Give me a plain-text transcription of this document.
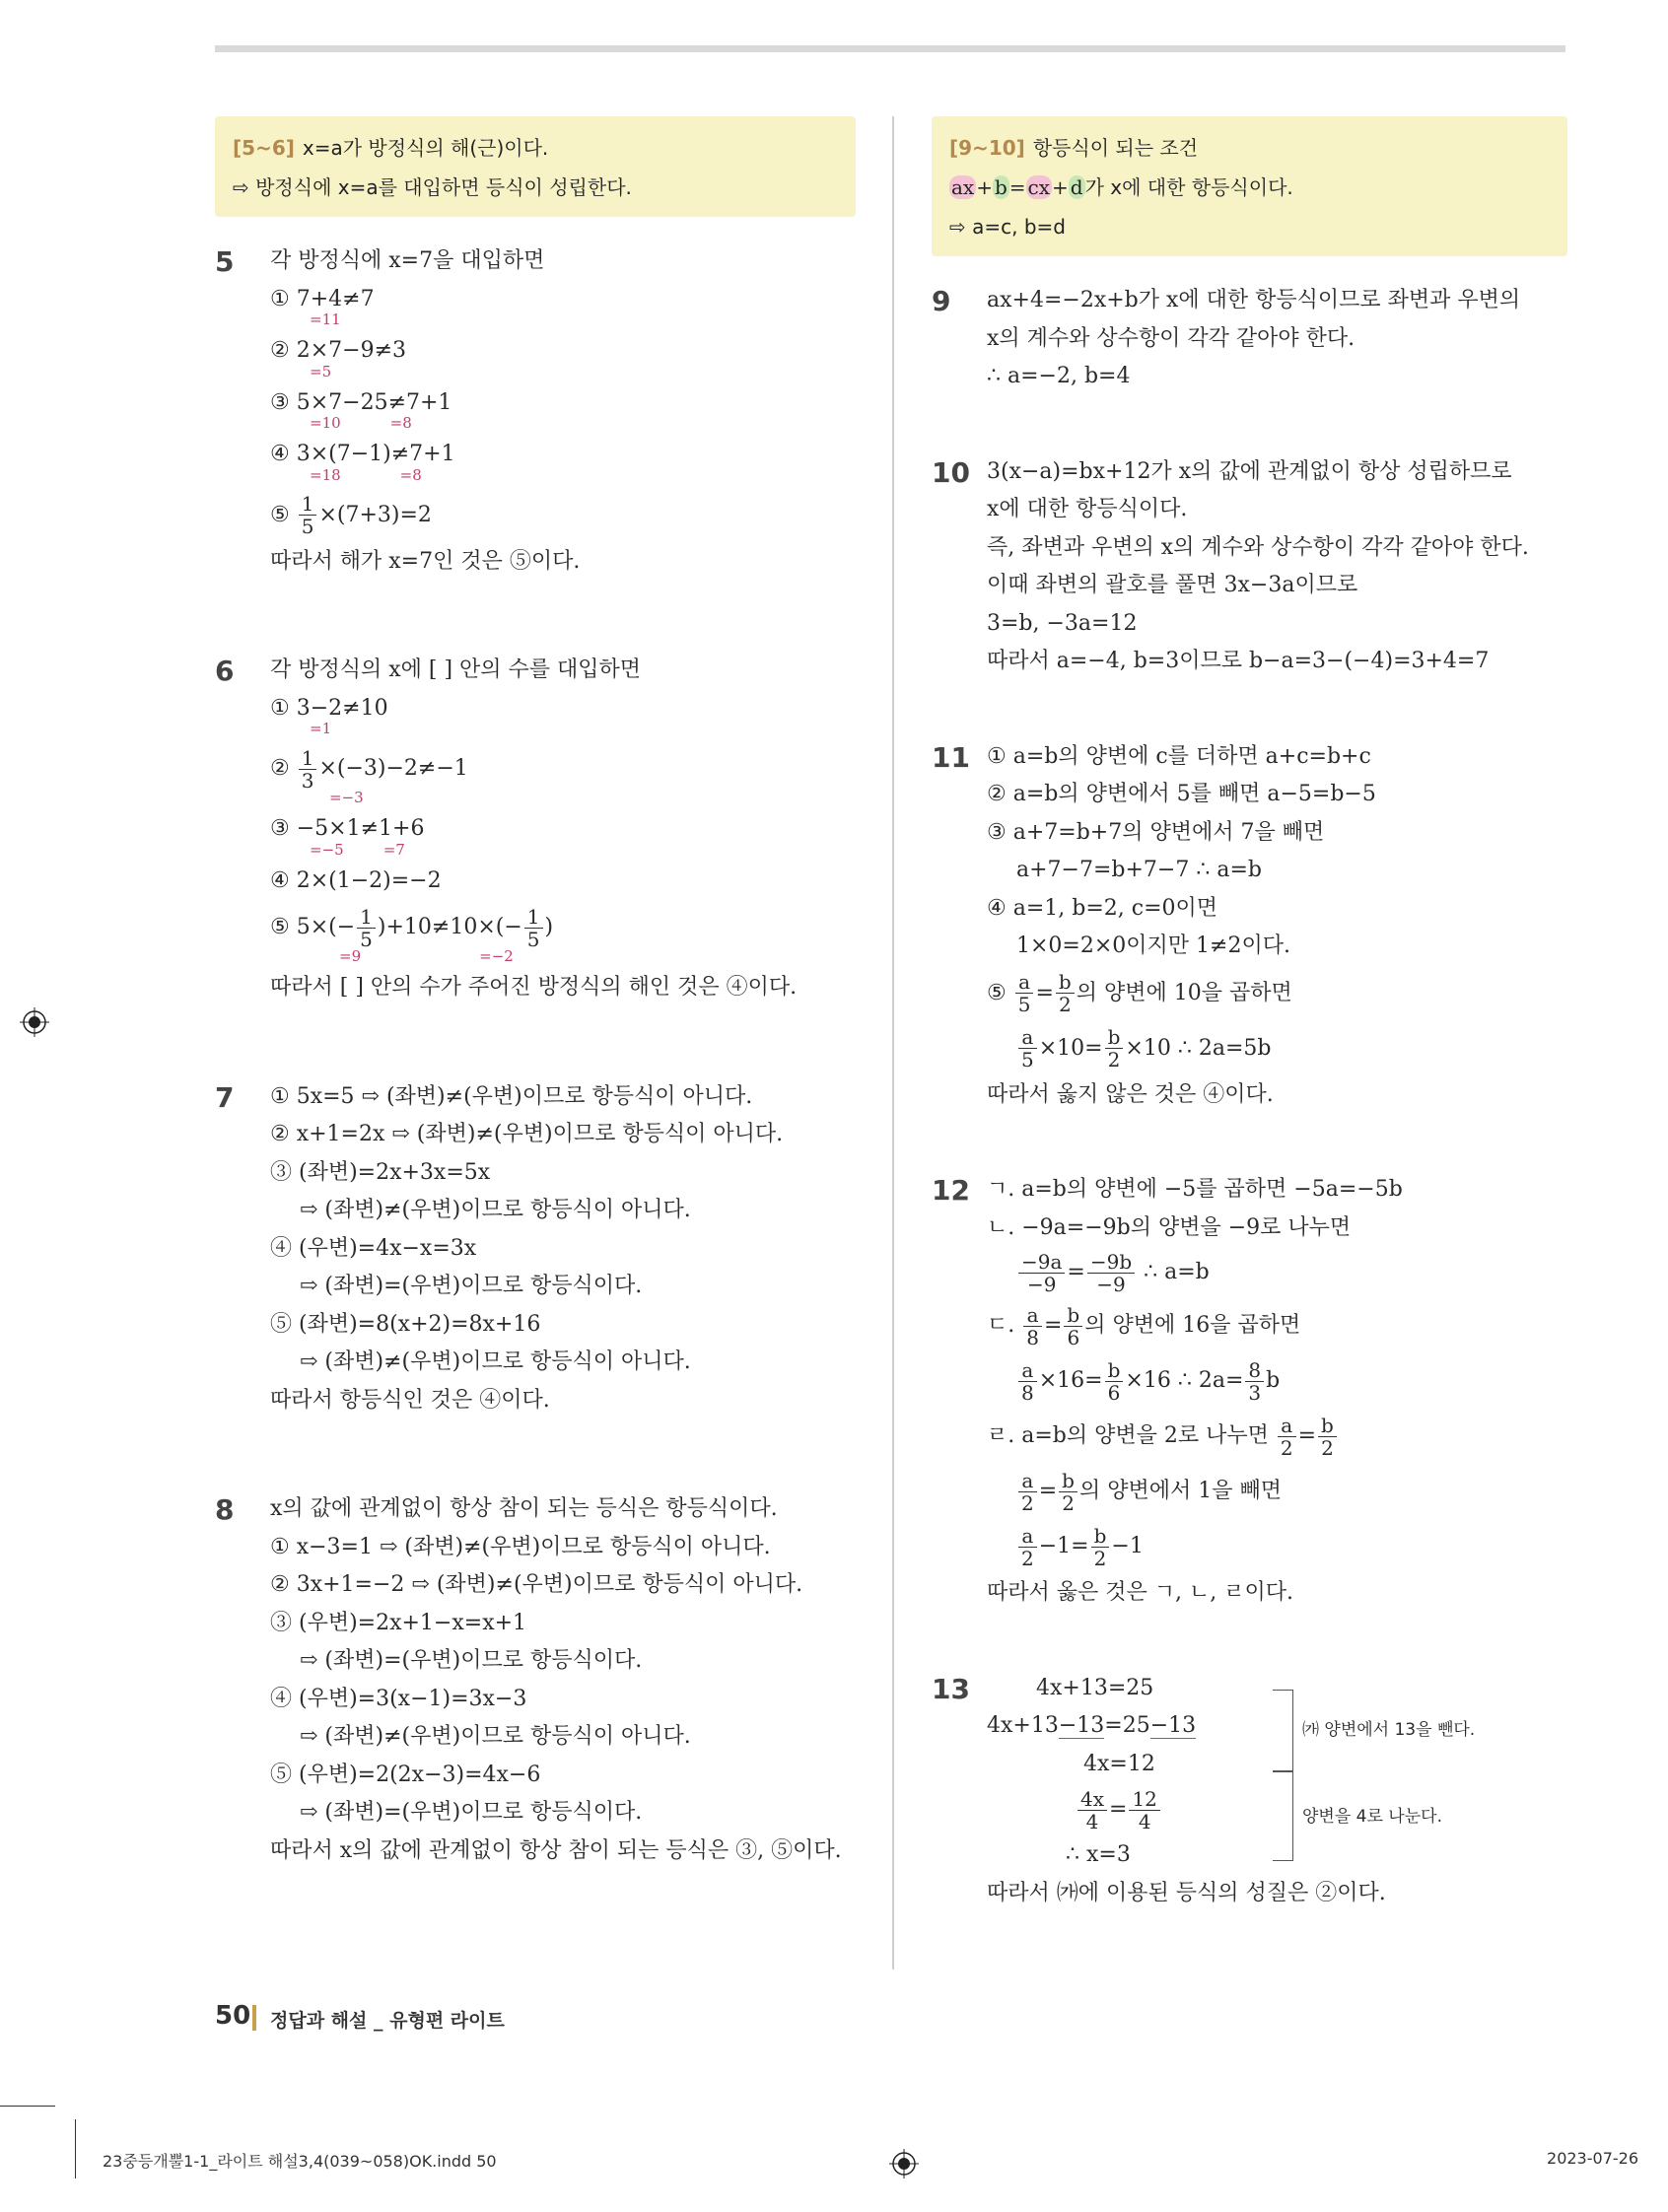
[5~6] x=a가 방정식의 해(근)이다.
⇨ 방정식에 x=a를 대입하면 등식이 성립한다.
5 각 방정식에 x=7을 대입하면
① 7+4≠7
=11
② 2×7−9≠3
=5
③ 5×7−25≠7+1
=10	=8
④ 3×(7−1)≠7+1
=18	=8
⑤ $\frac{1}{5} \times(7+3)=2$
따라서 해가 x=7인 것은 ⑤이다.
6 각 방정식의 x에 [ ] 안의 수를 대입하면
① 3−2≠10
=1
② $\frac{1}{3} \times(-3)-2\ne-1$
=−3
③ −5×1≠1+6
=−5	=7
④ 2×(1−2)=−2
⑤ $5\times(- \frac{1}{5} )+10\ne 10\times(- \frac{1}{5}$ )
=9	=−2
따라서 [ ] 안의 수가 주어진 방정식의 해인 것은 ④이다.
7 ① 5x=5 ⇨ (좌변)≠(우변)이므로 항등식이 아니다.
② x+1=2x ⇨ (좌변)≠(우변)이므로 항등식이 아니다.
③ (좌변)=2x+3x=5x
⇨ (좌변)≠(우변)이므로 항등식이 아니다.
④ (우변)=4x−x=3x
⇨ (좌변)=(우변)이므로 항등식이다.
⑤ (좌변)=8(x+2)=8x+16
⇨ (좌변)≠(우변)이므로 항등식이 아니다.
따라서 항등식인 것은 ④이다.
8 x의 값에 관계없이 항상 참이 되는 등식은 항등식이다.
① x−3=1 ⇨ (좌변)≠(우변)이므로 항등식이 아니다.
② 3x+1=−2 ⇨ (좌변)≠(우변)이므로 항등식이 아니다.
③ (우변)=2x+1−x=x+1
⇨ (좌변)=(우변)이므로 항등식이다.
④ (우변)=3(x−1)=3x−3
⇨ (좌변)≠(우변)이므로 항등식이 아니다.
⑤ (우변)=2(2x−3)=4x−6
⇨ (좌변)=(우변)이므로 항등식이다.
따라서 x의 값에 관계없이 항상 참이 되는 등식은 ③, ⑤이다.
[9~10] 항등식이 되는 조건
ax + b = cx + d 가 x에 대한 항등식이다.
⇨ a=c, b=d
9 ax+4=−2x+b가 x에 대한 항등식이므로 좌변과 우변의
x의 계수와 상수항이 각각 같아야 한다.
∴ a=−2, b=4
10 3(x−a)=bx+12가 x의 값에 관계없이 항상 성립하므로
x에 대한 항등식이다.
즉, 좌변과 우변의 x의 계수와 상수항이 각각 같아야 한다.
이때 좌변의 괄호를 풀면 3x−3a이므로
3=b, −3a=12
따라서 a=−4, b=3이므로 b−a=3−(−4)=3+4=7
11 ① a=b의 양변에 c를 더하면 a+c=b+c
② a=b의 양변에서 5를 빼면 a−5=b−5
③ a+7=b+7의 양변에서 7을 빼면
a+7−7=b+7−7 ∴ a=b
④ a=1, b=2, c=0이면
1×0=2×0이지만 1≠2이다.
⑤ $\frac{a}{5} = \frac{b}{2}$ 의 양변에 10을 곱하면
$\frac{a}{5} \times 10= \frac{b}{2} \times 10$ ∴ 2a=5b
따라서 옳지 않은 것은 ④이다.
12 ㄱ. a=b의 양변에 −5를 곱하면 −5a=−5b
ㄴ. −9a=−9b의 양변을 −9로 나누면
$\frac{-9a}{-9} = \frac{-9b}{-9}$ ∴ a=b
ㄷ. $\frac{a}{8} = \frac{b}{6}$ 의 양변에 16을 곱하면
$\frac{a}{8} \times 16= \frac{b}{6} \times 16$ ∴ $2a= \frac{8}{3}$ b
ㄹ. a=b의 양변을 2로 나누면 $\frac{a}{2} = \frac{b}{2}$
$\frac{a}{2} = \frac{b}{2}$ 의 양변에서 1을 빼면
$\frac{a}{2} -1= \frac{b}{2} -1$
따라서 옳은 것은 ㄱ, ㄴ, ㄹ이다.
13	4x+13=25
4x+13−13=25−13
4x=12
$\frac{4x}{4} = \frac{12}{4}$
∴ x=3
㈎ 양변에서 13을 뺀다.
양변을 4로 나눈다.
따라서 ㈎에 이용된 등식의 성질은 ②이다.
50 정답과 해설 _ 유형편 라이트
23중등개뿔1-1_라이트 해설3,4(039~058)OK.indd 50	2023-07-26
